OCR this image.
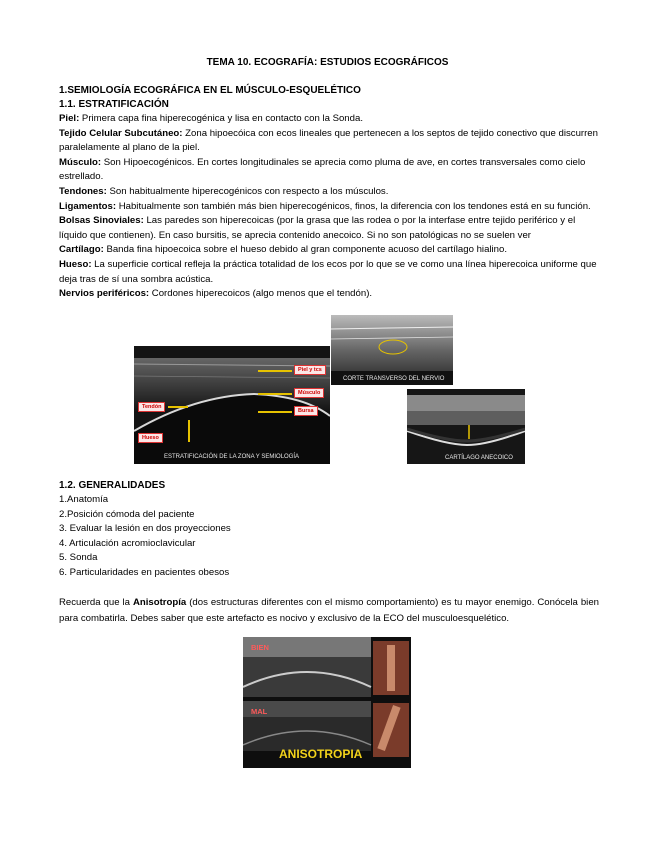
TEMA 10. ECOGRAFÍA: ESTUDIOS ECOGRÁFICOS
1.SEMIOLOGÍA ECOGRÁFICA EN EL MÚSCULO-ESQUELÉTICO
1.1. ESTRATIFICACIÓN
Piel: Primera capa fina hiperecogénica y lisa en contacto con la Sonda.
Tejido Celular Subcutáneo: Zona hipoecóica con ecos lineales que pertenecen a los septos de tejido conectivo que discurren paralelamente al plano de la piel.
Músculo: Son Hipoecogénicos. En cortes longitudinales se aprecia como pluma de ave, en cortes transversales como cielo estrellado.
Tendones: Son habitualmente hiperecogénicos con respecto a los músculos.
Ligamentos: Habitualmente son también más bien hiperecogénicos, finos, la diferencia con los tendones está en su función.
Bolsas Sinoviales: Las paredes son hiperecoicas (por la grasa que las rodea o por la interfase entre tejido periférico y el líquido que contienen). En caso bursitis, se aprecia contenido anecoico. Si no son patológicas no se suelen ver
Cartílago: Banda fina hipoecoica sobre el hueso debido al gran componente acuoso del cartílago hialino.
Hueso: La superficie cortical refleja la práctica totalidad de los ecos por lo que se ve como una línea hiperecoica uniforme que deja tras de sí una sombra acústica.
Nervios periféricos: Cordones hiperecoicos (algo menos que el tendón).
Piel y tcs
Músculo
Bursa
Tendón
Hueso
ESTRATIFICACIÓN DE LA ZONA Y SEMIOLOGÍA
CORTE TRANSVERSO DEL NERVIO
CARTÍLAGO ANECOICO
1.2. GENERALIDADES
1.Anatomía
2.Posición cómoda del paciente
3. Evaluar la lesión en dos proyecciones
4. Articulación acromioclavicular
5. Sonda
6. Particularidades en pacientes obesos
Recuerda que la Anisotropía (dos estructuras diferentes con el mismo comportamiento) es tu mayor enemigo. Conócela bien para combatirla. Debes saber que este artefacto es nocivo y exclusivo de la ECO del musculoesquelético.
BIEN
MAL
ANISOTROPIA
